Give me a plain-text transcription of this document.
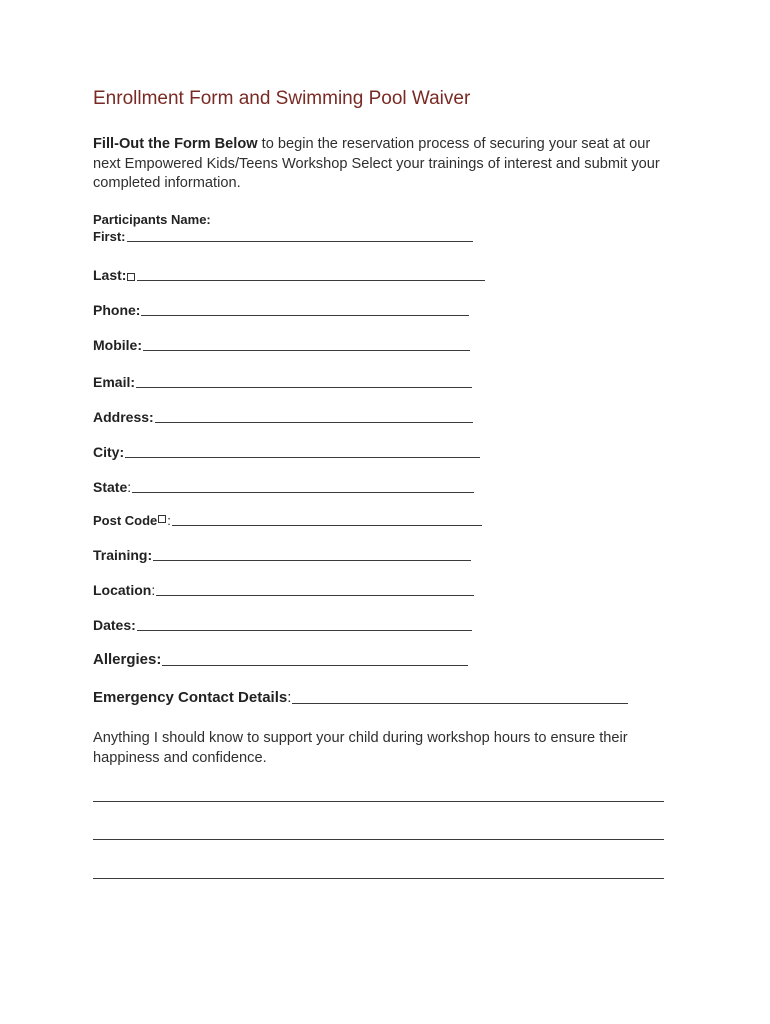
Enrollment Form and Swimming Pool Waiver
Fill-Out the Form Below to begin the reservation process of securing your seat at our next Empowered Kids/Teens Workshop Select your trainings of interest and submit your completed information.
Participants Name:
First:
Last:
Phone:
Mobile:
Email:
Address:
City:
State:
Post Code :
Training:
Location:
Dates:
Allergies:
Emergency Contact Details:
Anything I should know to support your child during workshop hours to ensure their happiness and confidence.
